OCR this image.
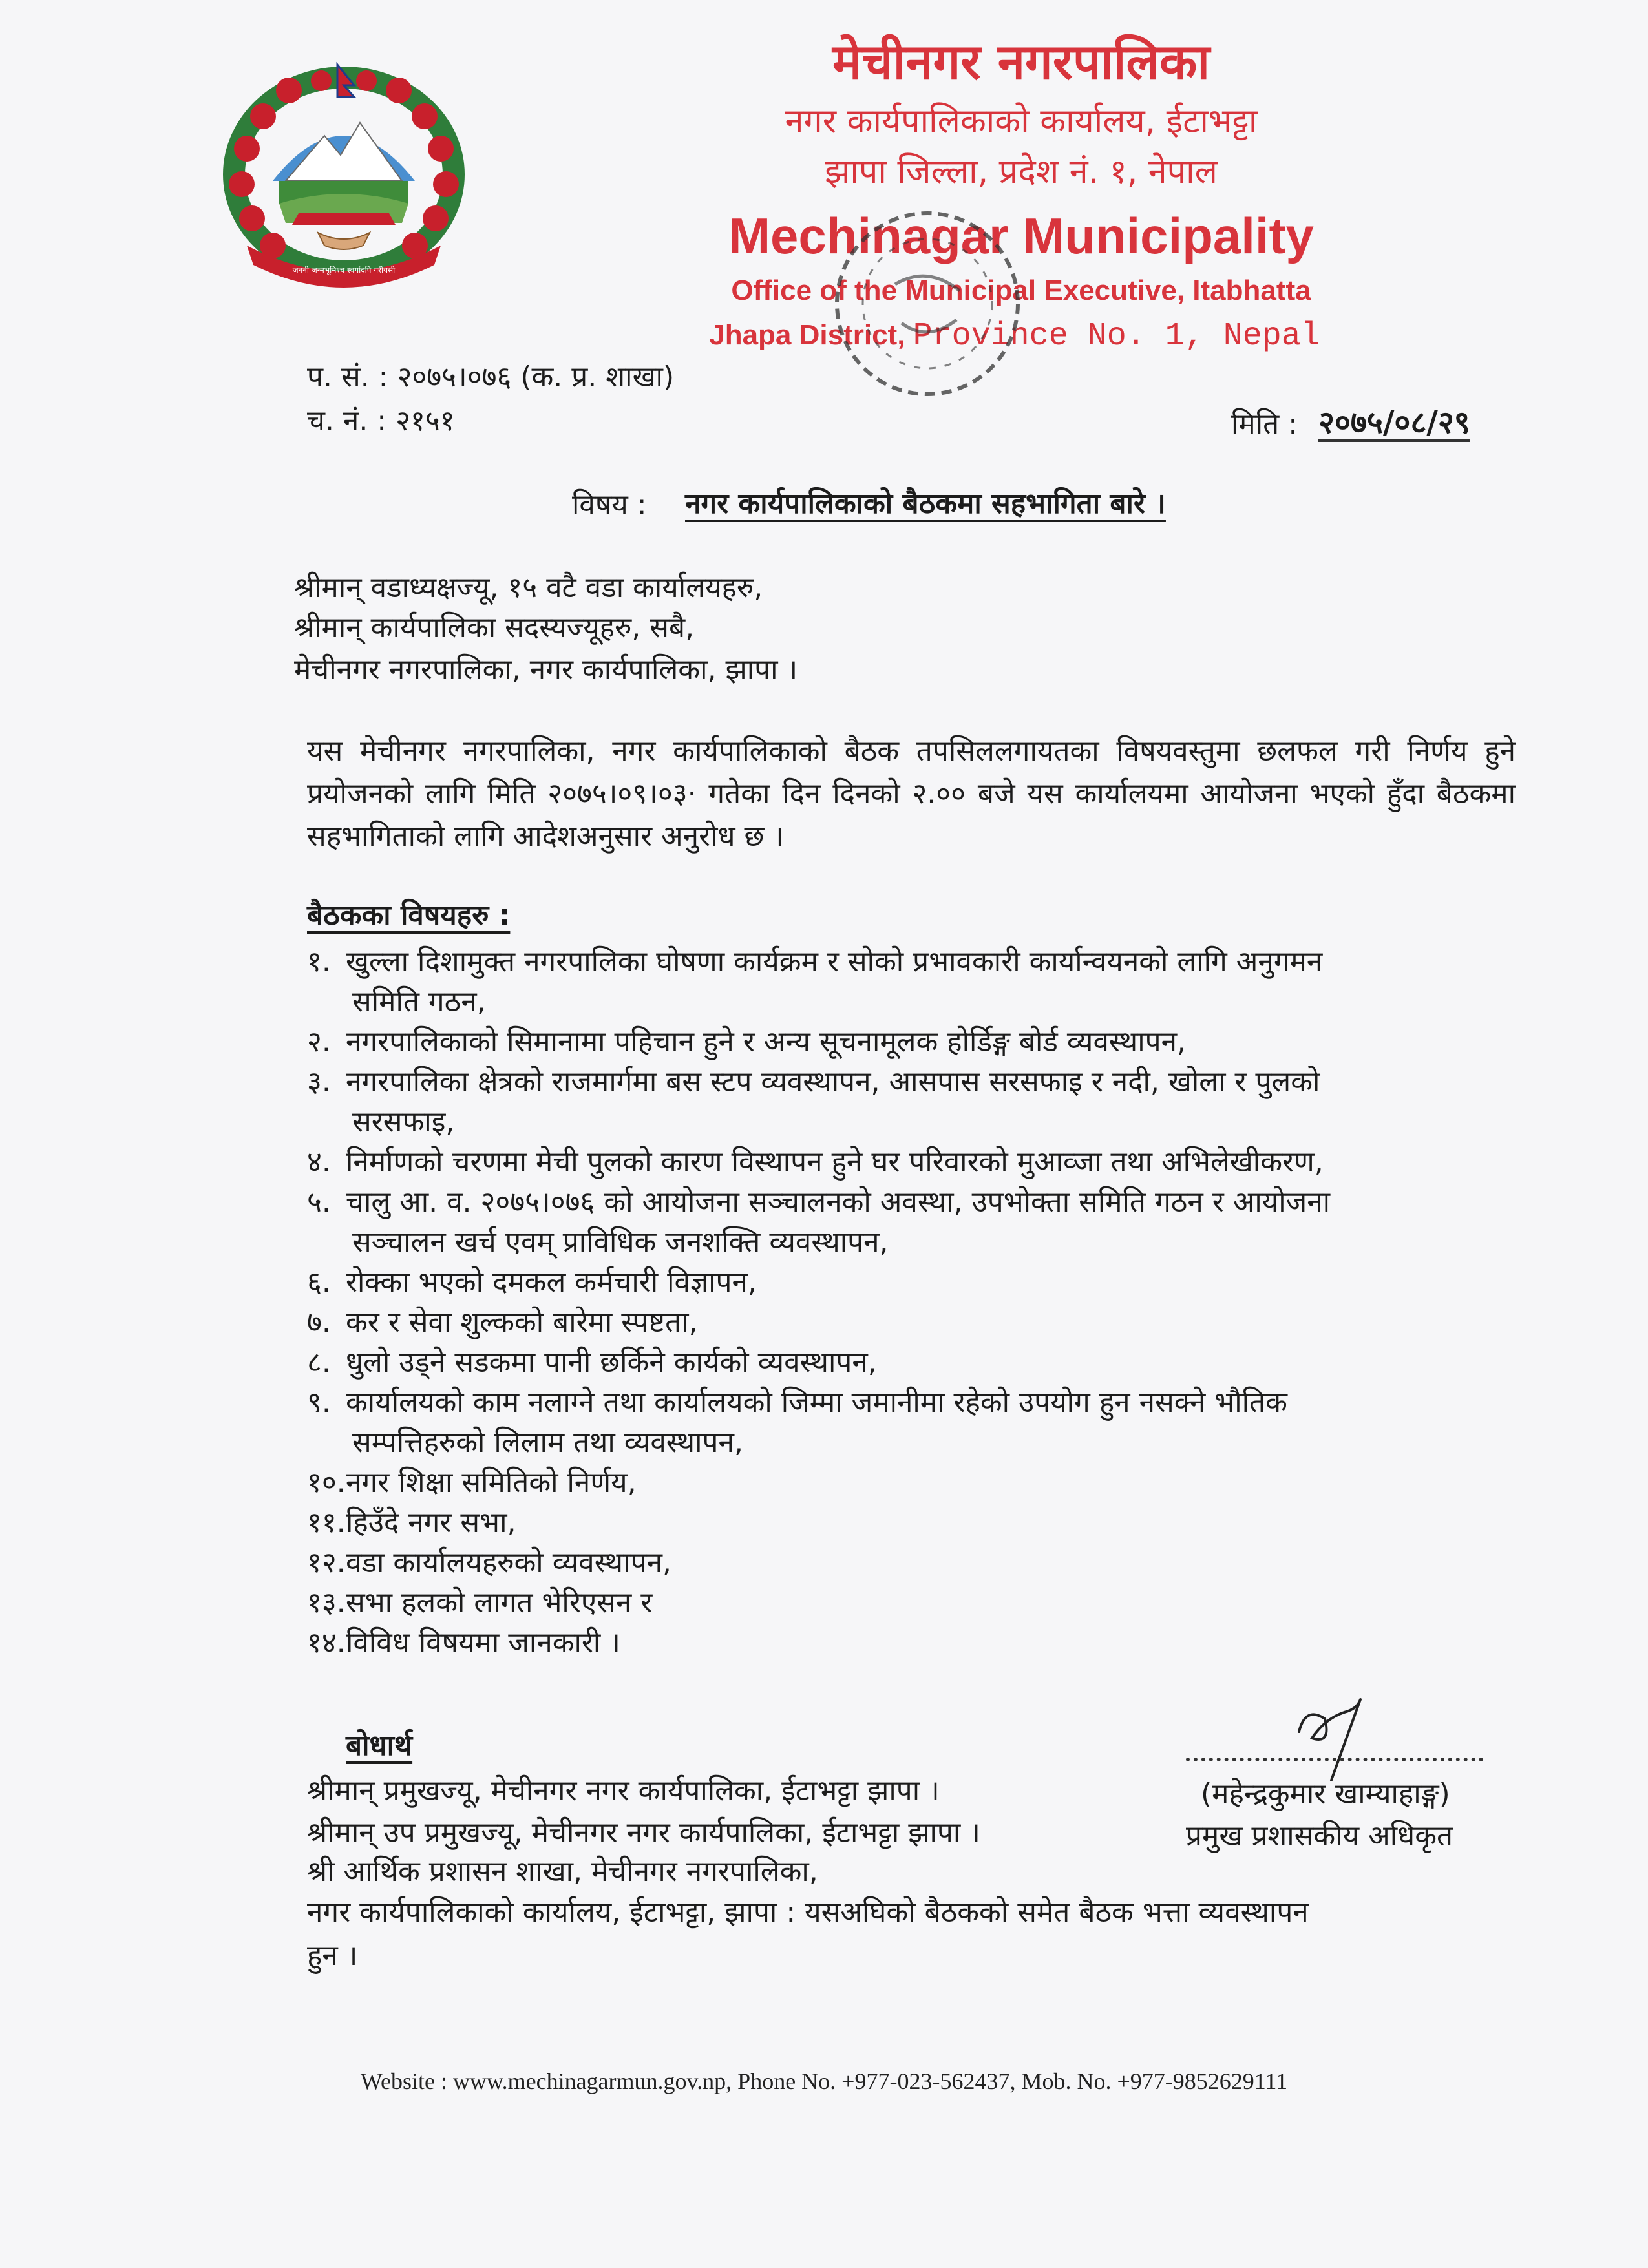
जननी जन्मभूमिश्च स्वर्गादपि गरीयसी
मेचीनगर नगरपालिका
नगर कार्यपालिकाको कार्यालय, ईटाभट्टा
झापा जिल्ला, प्रदेश नं. १, नेपाल
Mechinagar Municipality
Office of the Municipal Executive, Itabhatta
Jhapa District, Province No. 1, Nepal
प. सं. : २०७५।०७६ (क. प्र. शाखा)
च. नं. : २१५१	मिति : २०७५/०८/२९
विषय : नगर कार्यपालिकाको बैठकमा सहभागिता बारे ।
श्रीमान् वडाध्यक्षज्यू, १५ वटै वडा कार्यालयहरु,
श्रीमान् कार्यपालिका सदस्यज्यूहरु, सबै,
मेचीनगर नगरपालिका, नगर कार्यपालिका, झापा ।
यस मेचीनगर नगरपालिका, नगर कार्यपालिकाको बैठक तपसिललगायतका विषयवस्तुमा छलफल गरी निर्णय हुने प्रयोजनको लागि मिति २०७५।०९।०३· गतेका दिन दिनको २.०० बजे यस कार्यालयमा आयोजना भएको हुँदा बैठकमा सहभागिताको लागि आदेशअनुसार अनुरोध छ ।
बैठकका विषयहरु :
१. खुल्ला दिशामुक्त नगरपालिका घोषणा कार्यक्रम र सोको प्रभावकारी कार्यान्वयनको लागि अनुगमन
समिति गठन,
२. नगरपालिकाको सिमानामा पहिचान हुने र अन्य सूचनामूलक होर्डिङ्ग बोर्ड व्यवस्थापन,
३. नगरपालिका क्षेत्रको राजमार्गमा बस स्टप व्यवस्थापन, आसपास सरसफाइ र नदी, खोला र पुलको
सरसफाइ,
४. निर्माणको चरणमा मेची पुलको कारण विस्थापन हुने घर परिवारको मुआव्जा तथा अभिलेखीकरण,
५. चालु आ. व. २०७५।०७६ को आयोजना सञ्चालनको अवस्था, उपभोक्ता समिति गठन र आयोजना
सञ्चालन खर्च एवम् प्राविधिक जनशक्ति व्यवस्थापन,
६. रोक्का भएको दमकल कर्मचारी विज्ञापन,
७. कर र सेवा शुल्कको बारेमा स्पष्टता,
८. धुलो उड्ने सडकमा पानी छर्किने कार्यको व्यवस्थापन,
९. कार्यालयको काम नलाग्ने तथा कार्यालयको जिम्मा जमानीमा रहेको उपयोग हुन नसक्ने भौतिक
सम्पत्तिहरुको लिलाम तथा व्यवस्थापन,
१०.नगर शिक्षा समितिको निर्णय,
११.हिउँदे नगर सभा,
१२.वडा कार्यालयहरुको व्यवस्थापन,
१३.सभा हलको लागत भेरिएसन र
१४.विविध विषयमा जानकारी ।
बोधार्थ
श्रीमान् प्रमुखज्यू, मेचीनगर नगर कार्यपालिका, ईटाभट्टा झापा ।
श्रीमान् उप प्रमुखज्यू, मेचीनगर नगर कार्यपालिका, ईटाभट्टा झापा ।
श्री आर्थिक प्रशासन शाखा, मेचीनगर नगरपालिका,
नगर कार्यपालिकाको कार्यालय, ईटाभट्टा, झापा : यसअघिको बैठकको समेत बैठक भत्ता व्यवस्थापन
हुन ।
(महेन्द्रकुमार खाम्याहाङ्ग)
प्रमुख प्रशासकीय अधिकृत
Website : www.mechinagarmun.gov.np, Phone No. +977-023-562437, Mob. No. +977-9852629111
